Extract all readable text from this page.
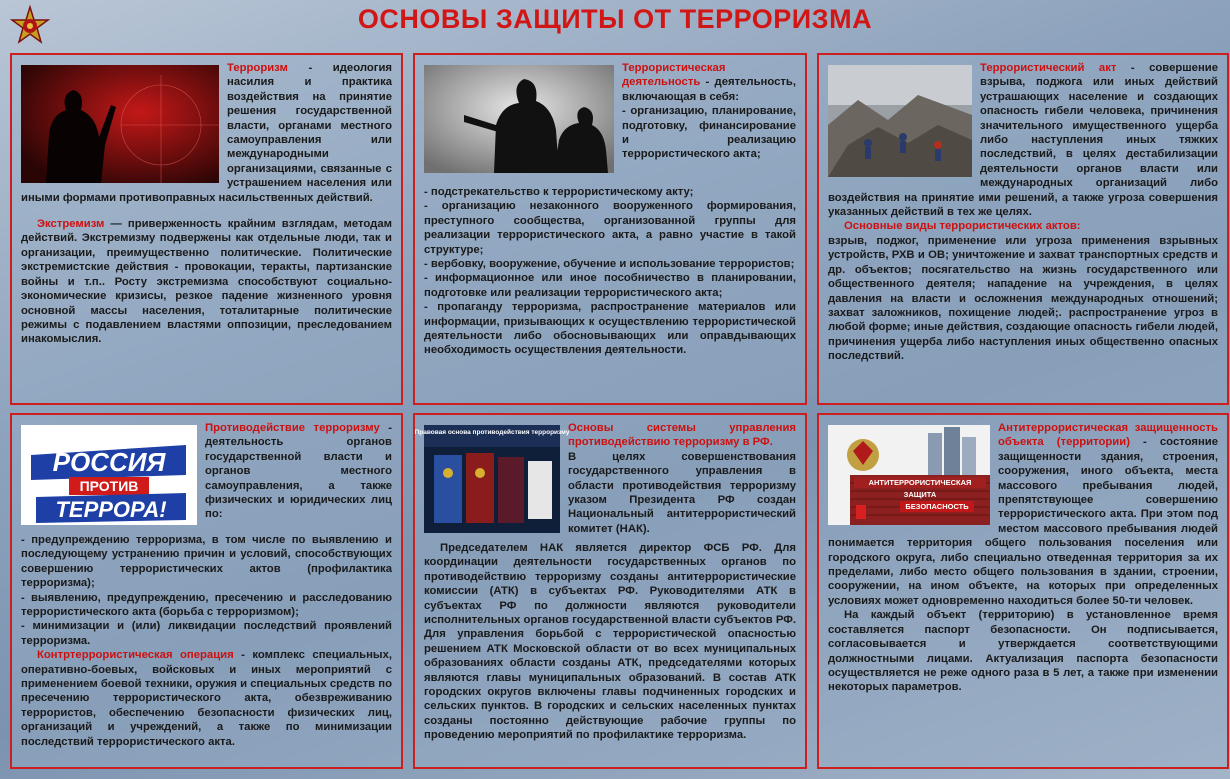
ОСНОВЫ ЗАЩИТЫ ОТ ТЕРРОРИЗМА

Терроризм - идеология насилия и практика воздействия на принятие решения государственной власти, органами местного самоуправления или международными организациями, связанные с устрашением населения или иными формами противоправных насильственных действий.

Экстремизм — приверженность крайним взглядам, методам действий. Экстремизму подвержены как отдельные люди, так и организации, преимущественно политические. Политические экстремистские действия - провокации, теракты, партизанские войны и т.п.. Росту экстремизма способствуют социально-экономические кризисы, резкое падение жизненного уровня основной массы населения, тоталитарные политические режимы с подавлением властями оппозиции, преследованием инакомыслия.

Террористическая деятельность - деятельность, включающая в себя:

- организацию, планирование, подготовку, финансирование и реализацию террористического акта;

- подстрекательство к террористическому акту;

- организацию незаконного вооруженного формирования, преступного сообщества, организованной группы для реализации террористического акта, а равно участие в такой структуре;

- вербовку, вооружение, обучение и использование террористов;

- информационное или иное пособничество в планировании, подготовке или реализации террористического акта;

- пропаганду терроризма, распространение материалов или информации, призывающих к осуществлению террористической деятельности либо обосновывающих или оправдывающих необходимость осуществления деятельности.

Террористический акт - совершение взрыва, поджога или иных действий устрашающих население и создающих опасность гибели человека, причинения значительного имущественного ущерба либо наступления иных тяжких последствий, в целях дестабилизации деятельности органов власти или международных организаций либо воздействия на принятие ими решений, а также угроза совершения указанных действий в тех же целях.

Основные виды террористических актов:

взрыв, поджог, применение или угроза применения взрывных устройств, РХВ и ОВ; уничтожение и захват транспортных средств и др. объектов; посягательство на жизнь государственного или общественного деятеля; нападение на учреждения, в целях давления на власти и осложнения международных отношений; захват заложников, похищение людей;. распространение угроз в любой форме; иные действия, создающие опасность гибели людей, причинения ущерба либо наступления иных общественно опасных последствий.

РОССИЯ
ПРОТИВ
ТЕРРОРА!

Противодействие терроризму - деятельность органов государственной власти и органов местного самоуправления, а также физических и юридических лиц по:

- предупреждению терроризма, в том числе по выявлению и последующему устранению причин и условий, способствующих совершению террористических актов (профилактика терроризма);

- выявлению, предупреждению, пресечению и расследованию террористического акта (борьба с терроризмом);

- минимизации и (или) ликвидации последствий проявлений терроризма.

Контртеррористическая операция - комплекс специальных, оперативно-боевых, войсковых и иных мероприятий с применением боевой техники, оружия и специальных средств по пресечению террористического акта, обезвреживанию террористов, обеспечению безопасности физических лиц, организаций и учреждений, а также по минимизации последствий террористического акта.

Правовая основа противодействия терроризму

Основы системы управления противодействию терроризму в РФ.

В целях совершенствования государственного управления в области противодействия терроризму указом Президента РФ создан Национальный антитеррористический комитет (НАК).

Председателем НАК является директор ФСБ РФ. Для координации деятельности государственных органов по противодействию терроризму созданы антитеррористические комиссии (АТК) в субъектах РФ. Руководителями АТК в субъектах РФ по должности являются руководители исполнительных органов государственной власти субъектов РФ. Для управления борьбой с террористической опасностью решением АТК Московской области от во всех муниципальных образованиях области созданы АТК, председателями которых являются главы муниципальных образований. В состав АТК городских округов включены главы подчиненных городских и сельских пунктов. В городских и сельских населенных пунктах созданы постоянно действующие рабочие группы по проведению мероприятий по профилактике терроризма.

АНТИТЕРРОРИСТИЧЕСКАЯ
ЗАЩИТА
БЕЗОПАСНОСТЬ

Антитеррористическая защищенность объекта (территории) - состояние защищенности здания, строения, сооружения, иного объекта, места массового пребывания людей, препятствующее совершению террористического акта. При этом под местом массового пребывания людей понимается территория общего пользования поселения или городского округа, либо специально отведенная территория за их пределами, либо место общего пользования в здании, строении, сооружении, на ином объекте, на которых при определенных условиях может одновременно находиться более 50-ти человек.

На каждый объект (территорию) в установленное время составляется паспорт безопасности. Он подписывается, согласовывается и утверждается соответствующими должностными лицами. Актуализация паспорта безопасности осуществляется не реже одного раза в 5 лет, а также при изменении некоторых параметров.
